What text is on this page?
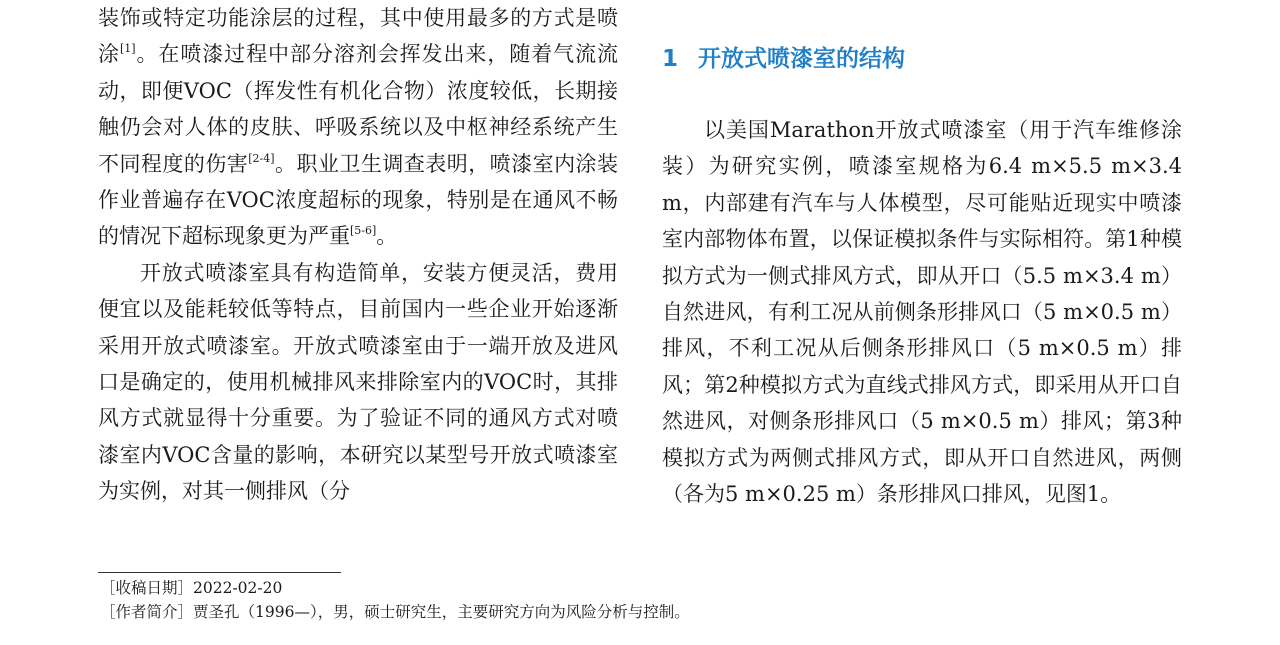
装饰或特定功能涂层的过程，其中使用最多的方式是喷涂[1]。在喷漆过程中部分溶剂会挥发出来，随着气流流动，即便VOC（挥发性有机化合物）浓度较低，长期接触仍会对人体的皮肤、呼吸系统以及中枢神经系统产生不同程度的伤害[2-4]。职业卫生调查表明，喷漆室内涂装作业普遍存在VOC浓度超标的现象，特别是在通风不畅的情况下超标现象更为严重[5-6]。

开放式喷漆室具有构造简单，安装方便灵活，费用便宜以及能耗较低等特点，目前国内一些企业开始逐渐采用开放式喷漆室。开放式喷漆室由于一端开放及进风口是确定的，使用机械排风来排除室内的VOC时，其排风方式就显得十分重要。为了验证不同的通风方式对喷漆室内VOC含量的影响，本研究以某型号开放式喷漆室为实例，对其一侧排风（分

1 开放式喷漆室的结构

以美国Marathon开放式喷漆室（用于汽车维修涂装）为研究实例，喷漆室规格为6.4 m×5.5 m×3.4 m，内部建有汽车与人体模型，尽可能贴近现实中喷漆室内部物体布置，以保证模拟条件与实际相符。第1种模拟方式为一侧式排风方式，即从开口（5.5 m×3.4 m）自然进风，有利工况从前侧条形排风口（5 m×0.5 m）排风，不利工况从后侧条形排风口（5 m×0.5 m）排风；第2种模拟方式为直线式排风方式，即采用从开口自然进风，对侧条形排风口（5 m×0.5 m）排风；第3种模拟方式为两侧式排风方式，即从开口自然进风，两侧（各为5 m×0.25 m）条形排风口排风，见图1。

［收稿日期］2022-02-20
［作者简介］贾圣孔（1996—），男，硕士研究生，主要研究方向为风险分析与控制。
